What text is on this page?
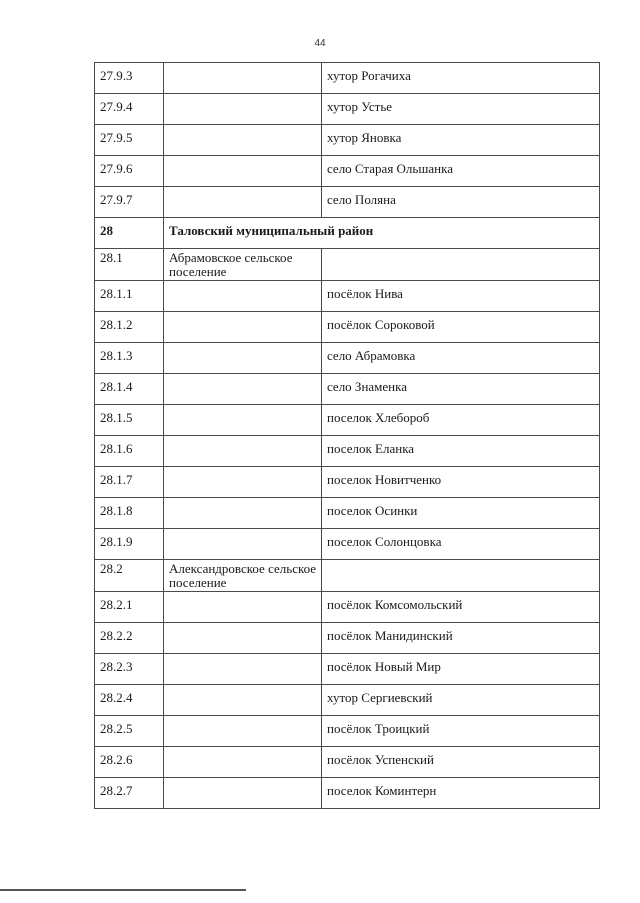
44
27.9.3		хутор Рогачиха

27.9.4		хутор Устье

27.9.5		хутор Яновка

27.9.6		село Старая Ольшанка

27.9.7		село Поляна

28	Таловский муниципальный район	

28.1	Абрамовское сельское поселение	

28.1.1		посёлок Нива

28.1.2		посёлок Сороковой

28.1.3		село Абрамовка

28.1.4		село Знаменка

28.1.5		поселок Хлебороб

28.1.6		поселок Еланка

28.1.7		поселок Новитченко

28.1.8		поселок Осинки

28.1.9		поселок Солонцовка

28.2	Александровское сельское поселение	

28.2.1		посёлок Комсомольский

28.2.2		посёлок Манидинский

28.2.3		посёлок Новый Мир

28.2.4		хутор Сергиевский

28.2.5		посёлок Троицкий

28.2.6		посёлок Успенский

28.2.7		поселок Коминтерн
